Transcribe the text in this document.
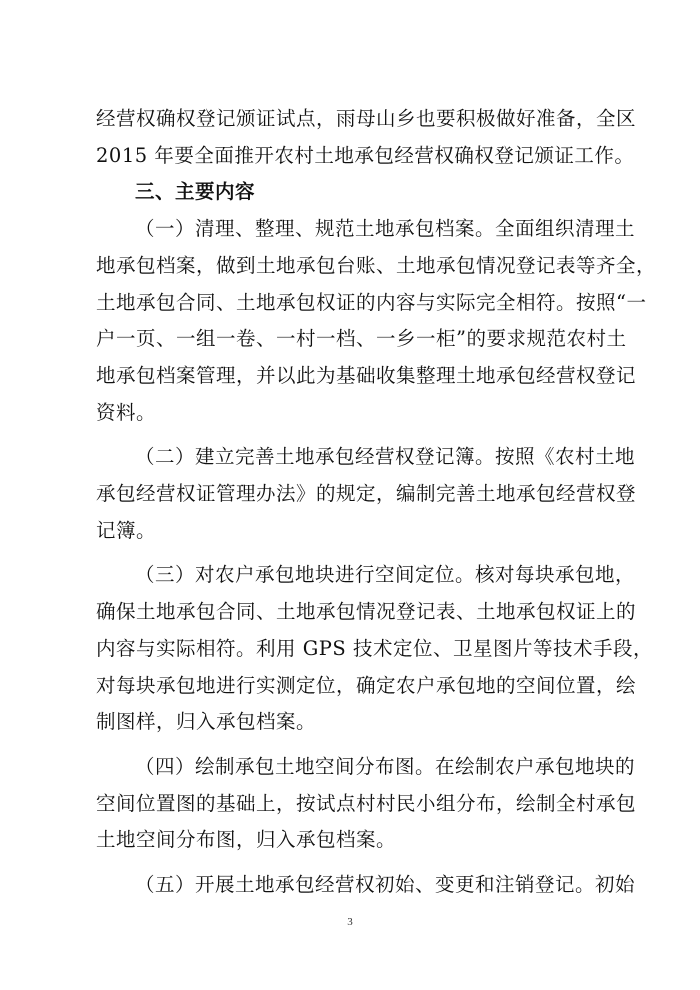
经营权确权登记颁证试点，雨母山乡也要积极做好准备，全区
2015 年要全面推开农村土地承包经营权确权登记颁证工作。

三、主要内容

（一）清理、整理、规范土地承包档案。全面组织清理土
地承包档案，做到土地承包台账、土地承包情况登记表等齐全，
土地承包合同、土地承包权证的内容与实际完全相符。按照“一
户一页、一组一卷、一村一档、一乡一柜”的要求规范农村土
地承包档案管理，并以此为基础收集整理土地承包经营权登记
资料。

（二）建立完善土地承包经营权登记簿。按照《农村土地
承包经营权证管理办法》的规定，编制完善土地承包经营权登
记簿。

（三）对农户承包地块进行空间定位。核对每块承包地，
确保土地承包合同、土地承包情况登记表、土地承包权证上的
内容与实际相符。利用 GPS 技术定位、卫星图片等技术手段，
对每块承包地进行实测定位，确定农户承包地的空间位置，绘
制图样，归入承包档案。

（四）绘制承包土地空间分布图。在绘制农户承包地块的
空间位置图的基础上，按试点村村民小组分布，绘制全村承包
土地空间分布图，归入承包档案。

（五）开展土地承包经营权初始、变更和注销登记。初始

3
